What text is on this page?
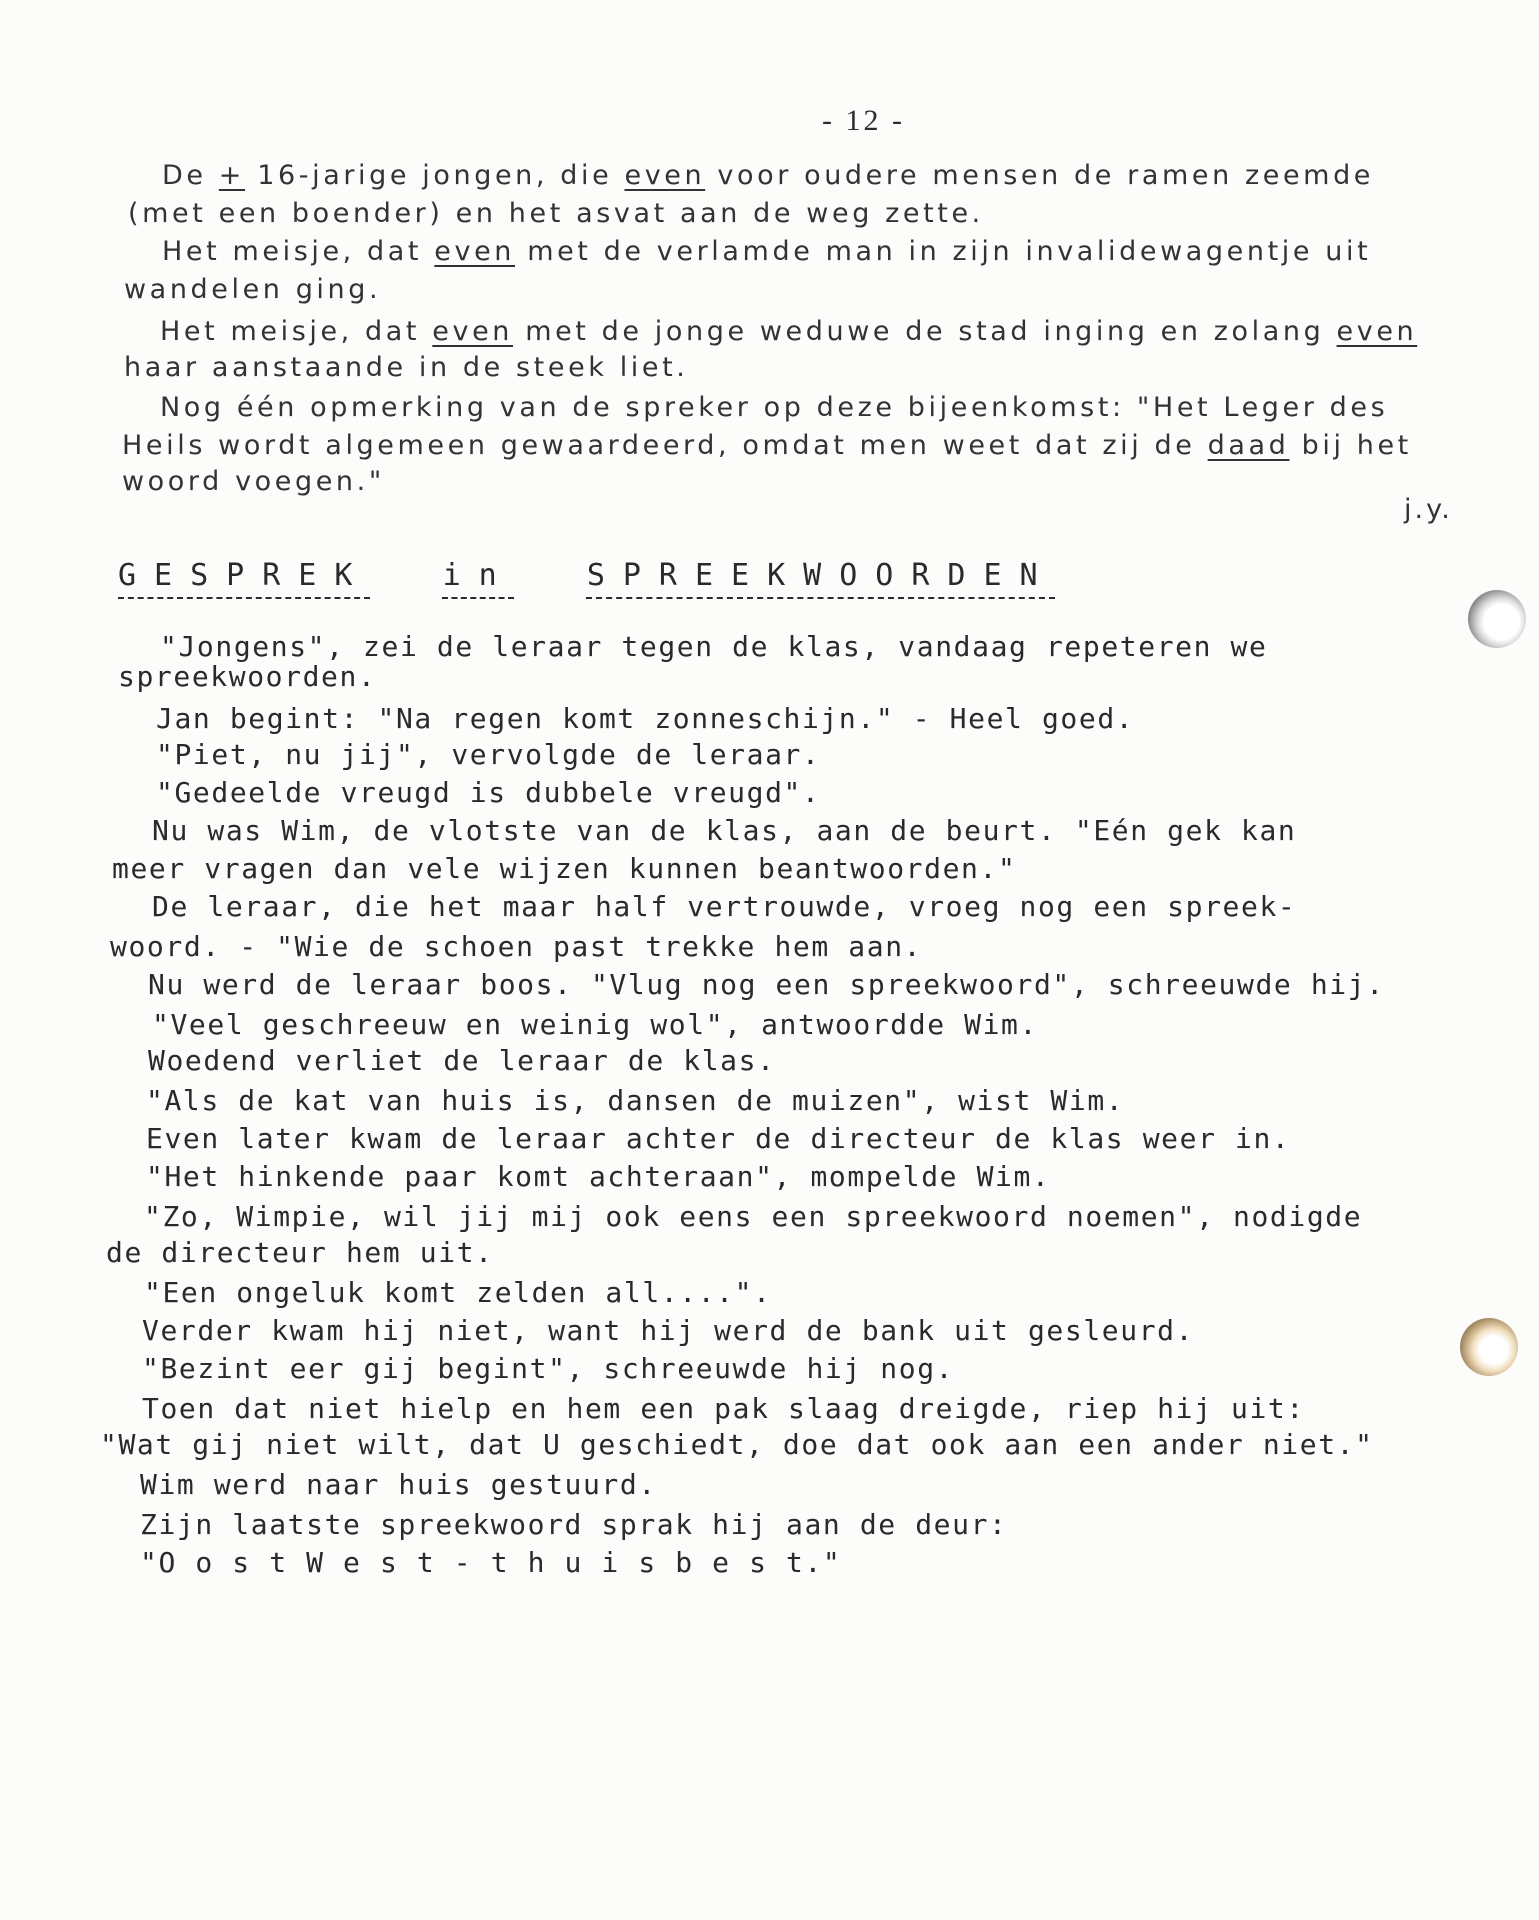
- 12 -
De + 16-jarige jongen, die even voor oudere mensen de ramen zeemde
(met een boender) en het asvat aan de weg zette.
Het meisje, dat even met de verlamde man in zijn invalidewagentje uit
wandelen ging.
Het meisje, dat even met de jonge weduwe de stad inging en zolang even
haar aanstaande in de steek liet.
Nog één opmerking van de spreker op deze bijeenkomst: "Het Leger des
Heils wordt algemeen gewaardeerd, omdat men weet dat zij de daad bij het
woord voegen."
j.y.
GESPREK in SPREEKWOORDEN
"Jongens", zei de leraar tegen de klas, vandaag repeteren we
spreekwoorden.
Jan begint: "Na regen komt zonneschijn." - Heel goed.
"Piet, nu jij", vervolgde de leraar.
"Gedeelde vreugd is dubbele vreugd".
Nu was Wim, de vlotste van de klas, aan de beurt. "Eén gek kan
meer vragen dan vele wijzen kunnen beantwoorden."
De leraar, die het maar half vertrouwde, vroeg nog een spreek-
woord. - "Wie de schoen past trekke hem aan.
Nu werd de leraar boos. "Vlug nog een spreekwoord", schreeuwde hij.
"Veel geschreeuw en weinig wol", antwoordde Wim.
Woedend verliet de leraar de klas.
"Als de kat van huis is, dansen de muizen", wist Wim.
Even later kwam de leraar achter de directeur de klas weer in.
"Het hinkende paar komt achteraan", mompelde Wim.
"Zo, Wimpie, wil jij mij ook eens een spreekwoord noemen", nodigde
de directeur hem uit.
"Een ongeluk komt zelden all....".
Verder kwam hij niet, want hij werd de bank uit gesleurd.
"Bezint eer gij begint", schreeuwde hij nog.
Toen dat niet hielp en hem een pak slaag dreigde, riep hij uit:
"Wat gij niet wilt, dat U geschiedt, doe dat ook aan een ander niet."
Wim werd naar huis gestuurd.
Zijn laatste spreekwoord sprak hij aan de deur:
"O o s t W e s t - t h u i s b e s t."
